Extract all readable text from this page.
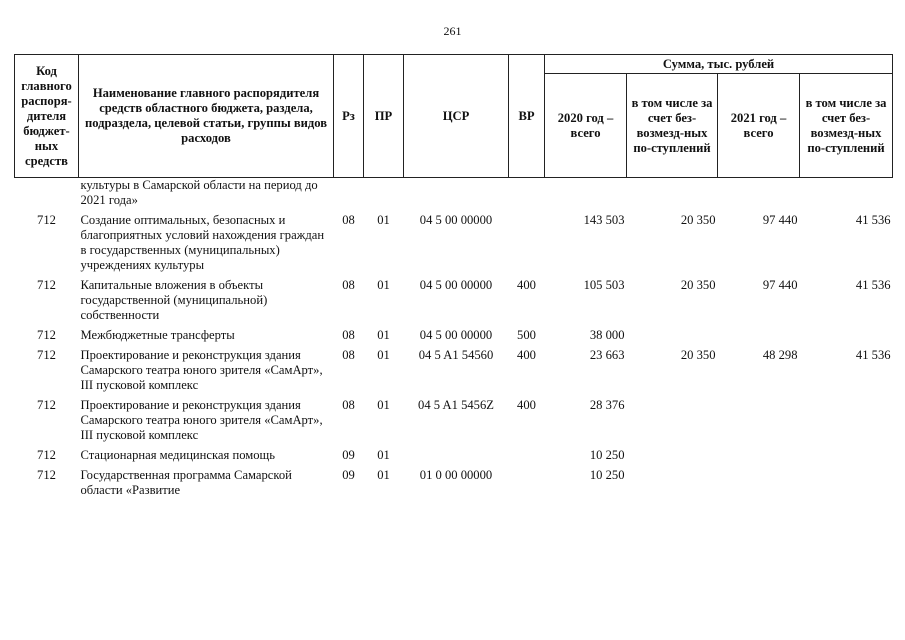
261
Код главного распоря-дителя бюджет-ных средств	Наименование главного распорядителя средств областного бюджета, раздела, подраздела, целевой статьи, группы видов расходов	Рз	ПР	ЦСР	ВР	Сумма, тыс. рублей			
						2020 год – всего	в том числе за счет без-возмезд-ных по-ступлений	2021 год – всего	в том числе за счет без-возмезд-ных по-ступлений
	культуры в Самарской области на период до 2021 года»								
712	Создание оптимальных, безопасных и благоприятных условий нахождения граждан в государственных (муниципальных) учреждениях культуры	08	01	04 5 00 00000		143 503	20 350	97 440	41 536
712	Капитальные вложения в объекты государственной (муниципальной) собственности	08	01	04 5 00 00000	400	105 503	20 350	97 440	41 536
712	Межбюджетные трансферты	08	01	04 5 00 00000	500	38 000			
712	Проектирование и реконструкция здания Самарского театра юного зрителя «СамАрт», III пусковой комплекс	08	01	04 5 A1 54560	400	23 663	20 350	48 298	41 536
712	Проектирование и реконструкция здания Самарского театра юного зрителя «СамАрт», III пусковой комплекс	08	01	04 5 A1 5456Z	400	28 376			
712	Стационарная медицинская помощь	09	01			10 250			
712	Государственная программа Самарской области «Развитие	09	01	01 0 00 00000		10 250			
